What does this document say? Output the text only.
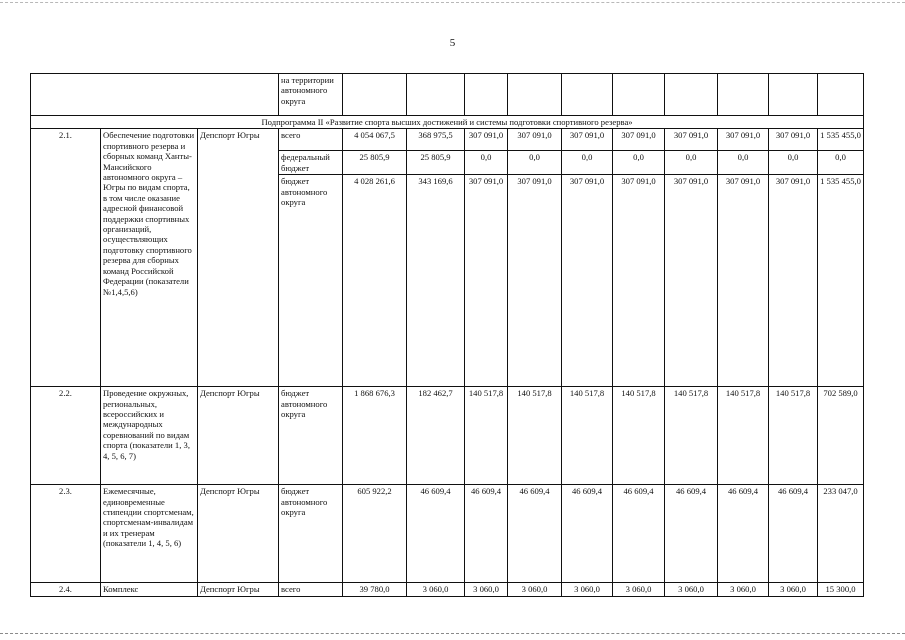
5
			на территории автономного округа										
Подпрограмма II «Развитие спорта высших достижений и системы подготовки спортивного резерва»													
2.1.	Обеспечение подготовки спортивного резерва и сборных команд Ханты-Мансийского автономного округа – Югры по видам спорта, в том числе оказание адресной финансовой поддержки спортивных организаций, осуществляющих подготовку спортивного резерва для сборных команд Российской Федерации (показатели №1,4,5,6)	Депспорт Югры	всего	4 054 067,5	368 975,5	307 091,0	307 091,0	307 091,0	307 091,0	307 091,0	307 091,0	307 091,0	1 535 455,0
			федеральный бюджет	25 805,9	25 805,9	0,0	0,0	0,0	0,0	0,0	0,0	0,0	0,0
			бюджет автономного округа	4 028 261,6	343 169,6	307 091,0	307 091,0	307 091,0	307 091,0	307 091,0	307 091,0	307 091,0	1 535 455,0
2.2.	Проведение окружных, региональных, всероссийских и международных соревнований по видам спорта (показатели 1, 3, 4, 5, 6, 7)	Депспорт Югры	бюджет автономного округа	1 868 676,3	182 462,7	140 517,8	140 517,8	140 517,8	140 517,8	140 517,8	140 517,8	140 517,8	702 589,0
2.3.	Ежемесячные, единовременные стипендии спортсменам, спортсменам-инвалидам и их тренерам (показатели 1, 4, 5, 6)	Депспорт Югры	бюджет автономного округа	605 922,2	46 609,4	46 609,4	46 609,4	46 609,4	46 609,4	46 609,4	46 609,4	46 609,4	233 047,0
2.4.	Комплекс	Депспорт Югры	всего	39 780,0	3 060,0	3 060,0	3 060,0	3 060,0	3 060,0	3 060,0	3 060,0	3 060,0	15 300,0
